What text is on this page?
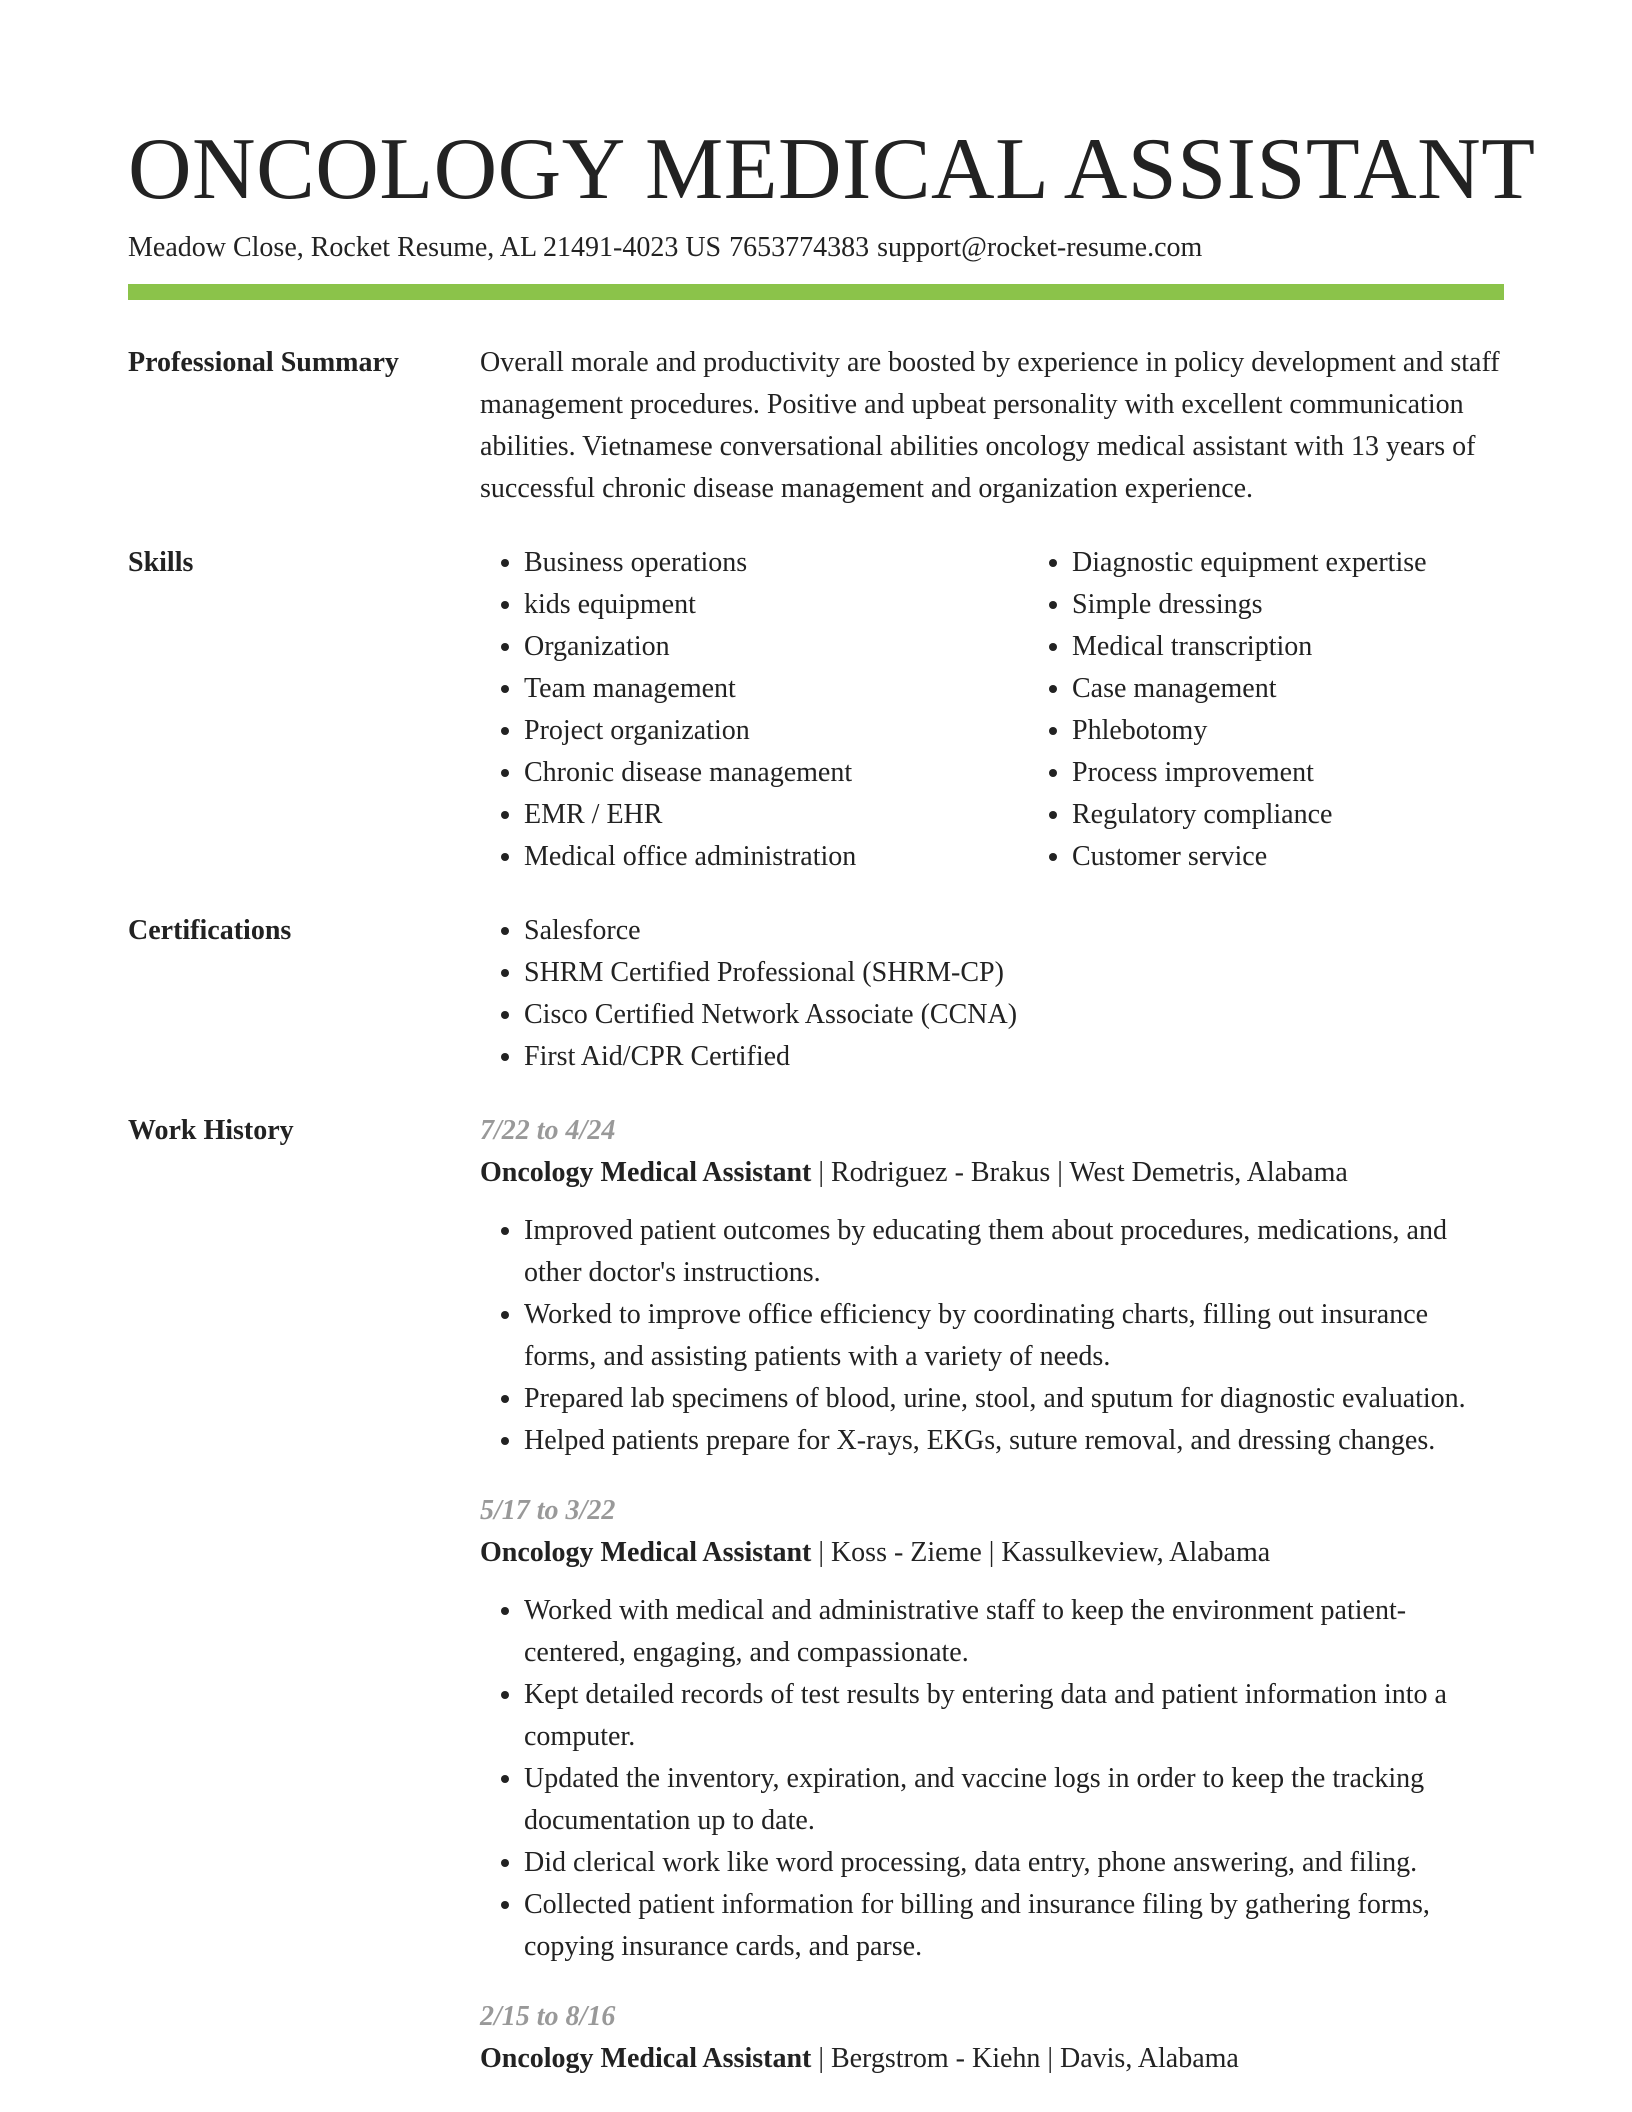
ONCOLOGY MEDICAL ASSISTANT
Meadow Close, Rocket Resume, AL 21491-4023 US 7653774383 support@rocket-resume.com
Professional Summary	Overall morale and productivity are boosted by experience in policy development and staff management procedures. Positive and upbeat personality with excellent communication abilities. Vietnamese conversational abilities oncology medical assistant with 13 years of successful chronic disease management and organization experience.

Skills	• Business operations
• kids equipment
• Organization
• Team management
• Project organization
• Chronic disease management
• EMR / EHR
• Medical office administration
• Diagnostic equipment expertise
• Simple dressings
• Medical transcription
• Case management
• Phlebotomy
• Process improvement
• Regulatory compliance
• Customer service
Certifications	• Salesforce
• SHRM Certified Professional (SHRM-CP)
• Cisco Certified Network Associate (CCNA)
• First Aid/CPR Certified
Work History	7/22 to 4/24
Oncology Medical Assistant | Rodriguez - Brakus | West Demetris, Alabama
• Improved patient outcomes by educating them about procedures, medications, and other doctor's instructions.
• Worked to improve office efficiency by coordinating charts, filling out insurance forms, and assisting patients with a variety of needs.
• Prepared lab specimens of blood, urine, stool, and sputum for diagnostic evaluation.
• Helped patients prepare for X-rays, EKGs, suture removal, and dressing changes.
5/17 to 3/22
Oncology Medical Assistant | Koss - Zieme | Kassulkeview, Alabama
• Worked with medical and administrative staff to keep the environment patient-centered, engaging, and compassionate.
• Kept detailed records of test results by entering data and patient information into a computer.
• Updated the inventory, expiration, and vaccine logs in order to keep the tracking documentation up to date.
• Did clerical work like word processing, data entry, phone answering, and filing.
• Collected patient information for billing and insurance filing by gathering forms, copying insurance cards, and parse.
2/15 to 8/16
Oncology Medical Assistant | Bergstrom - Kiehn | Davis, Alabama
